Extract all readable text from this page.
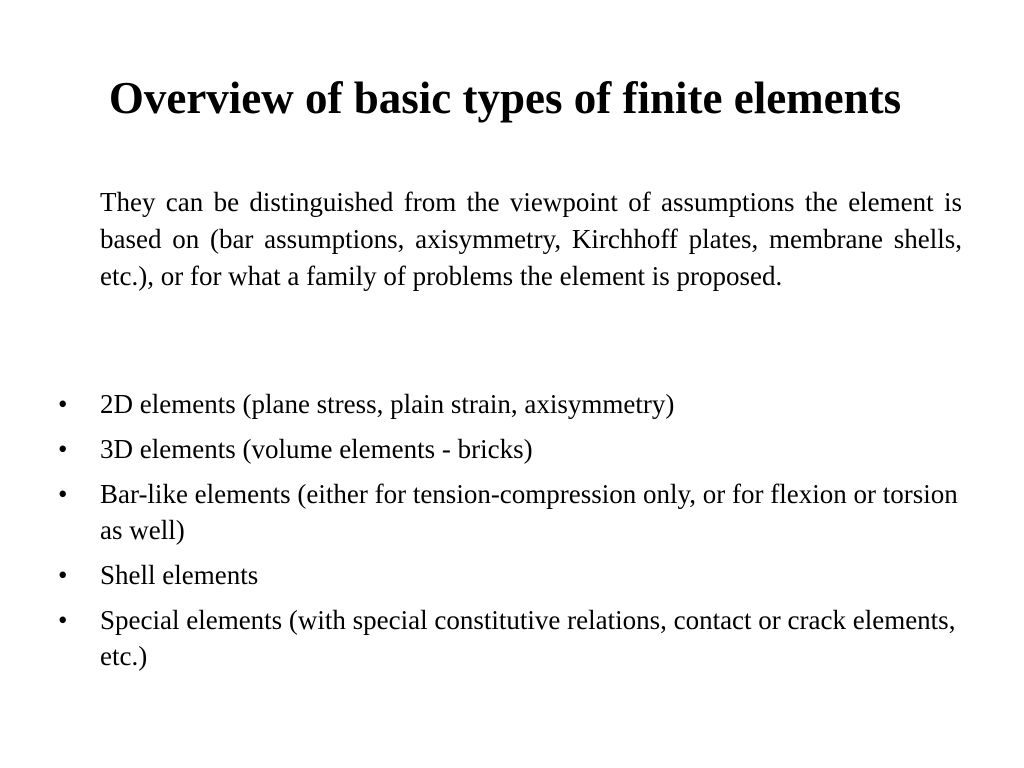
Overview of basic types of finite elements

They can be distinguished from the viewpoint of assumptions the element is based on (bar assumptions, axisymmetry, Kirchhoff plates, membrane shells, etc.), or for what a family of problems the element is proposed.

•	2D elements (plane stress, plain strain, axisymmetry)
•	3D elements (volume elements - bricks)
•	Bar-like elements (either for tension-compression only, or for flexion or torsion as well)
•	Shell elements
•	Special elements (with special constitutive relations, contact or crack elements, etc.)
